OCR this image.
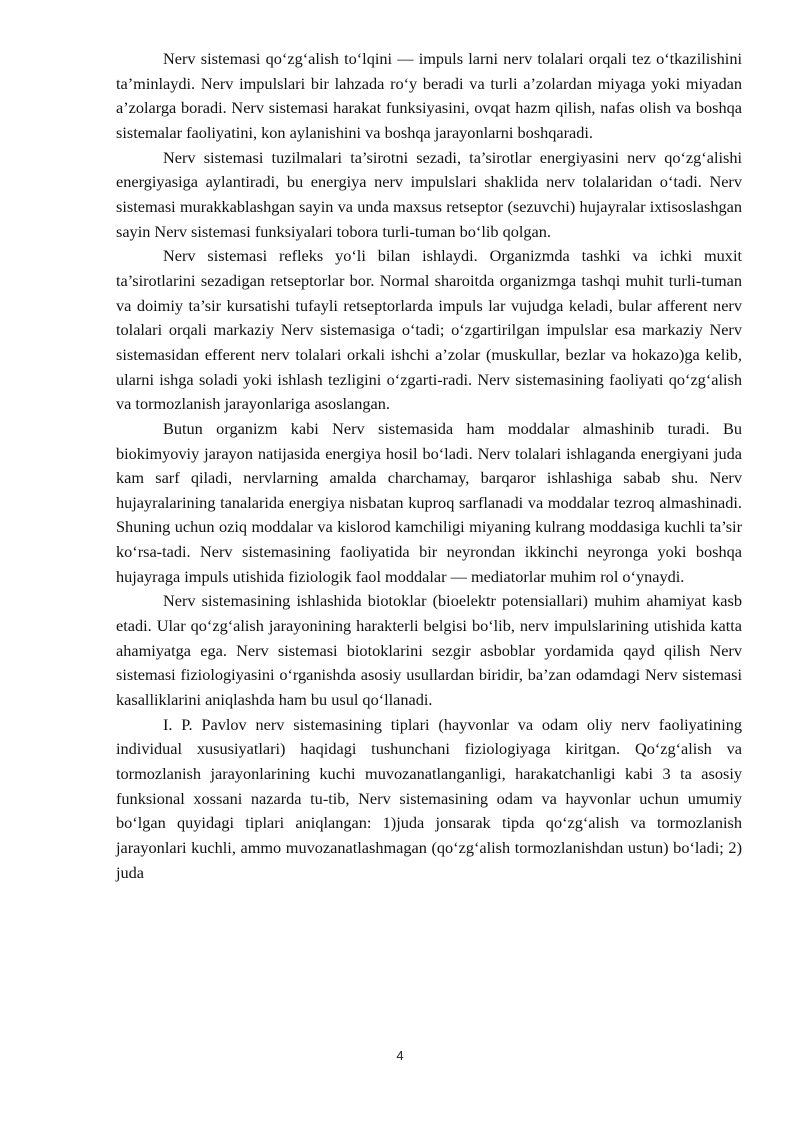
Nerv sistemasi qo‘zg‘alish to‘lqini — impuls larni nerv tolalari orqali tez o‘tkazilishini ta’minlaydi. Nerv impulslari bir lahzada ro‘y beradi va turli a’zolardan miyaga yoki miyadan a’zolarga boradi. Nerv sistemasi harakat funksiyasini, ovqat hazm qilish, nafas olish va boshqa sistemalar faoliyatini, kon aylanishini va boshqa jarayonlarni boshqaradi.

Nerv sistemasi tuzilmalari ta’sirotni sezadi, ta’sirotlar energiyasini nerv qo‘zg‘alishi energiyasiga aylantiradi, bu energiya nerv impulslari shaklida nerv tolalaridan o‘tadi. Nerv sistemasi murakkablashgan sayin va unda maxsus retseptor (sezuvchi) hujayralar ixtisoslashgan sayin Nerv sistemasi funksiyalari tobora turli-tuman bo‘lib qolgan.

Nerv sistemasi refleks yo‘li bilan ishlaydi. Organizmda tashki va ichki muxit ta’sirotlarini sezadigan retseptorlar bor. Normal sharoitda organizmga tashqi muhit turli-tuman va doimiy ta’sir kursatishi tufayli retseptorlarda impuls lar vujudga keladi, bular afferent nerv tolalari orqali markaziy Nerv sistemasiga o‘tadi; o‘zgartirilgan impulslar esa markaziy Nerv sistemasidan efferent nerv tolalari orkali ishchi a’zolar (muskullar, bezlar va hokazo)ga kelib, ularni ishga soladi yoki ishlash tezligini o‘zgarti-radi. Nerv sistemasining faoliyati qo‘zg‘alish va tormozlanish jarayonlariga asoslangan.

Butun organizm kabi Nerv sistemasida ham moddalar almashinib turadi. Bu biokimyoviy jarayon natijasida energiya hosil bo‘ladi. Nerv tolalari ishlaganda energiyani juda kam sarf qiladi, nervlarning amalda charchamay, barqaror ishlashiga sabab shu. Nerv hujayralarining tanalarida energiya nisbatan kuproq sarflanadi va moddalar tezroq almashinadi. Shuning uchun oziq moddalar va kislorod kamchiligi miyaning kulrang moddasiga kuchli ta’sir ko‘rsa-tadi. Nerv sistemasining faoliyatida bir neyrondan ikkinchi neyronga yoki boshqa hujayraga impuls utishida fiziologik faol moddalar — mediatorlar muhim rol o‘ynaydi.

Nerv sistemasining ishlashida biotoklar (bioelektr potensiallari) muhim ahamiyat kasb etadi. Ular qo‘zg‘alish jarayonining harakterli belgisi bo‘lib, nerv impulslarining utishida katta ahamiyatga ega. Nerv sistemasi biotoklarini sezgir asboblar yordamida qayd qilish Nerv sistemasi fiziologiyasini o‘rganishda asosiy usullardan biridir, ba’zan odamdagi Nerv sistemasi kasalliklarini aniqlashda ham bu usul qo‘llanadi.

I. P. Pavlov nerv sistemasining tiplari (hayvonlar va odam oliy nerv faoliyatining individual xususiyatlari) haqidagi tushunchani fiziologiyaga kiritgan. Qo‘zg‘alish va tormozlanish jarayonlarining kuchi muvozanatlanganligi, harakatchanligi kabi 3 ta asosiy funksional xossani nazarda tu-tib, Nerv sistemasining odam va hayvonlar uchun umumiy bo‘lgan quyidagi tiplari aniqlangan: 1)juda jonsarak tipda qo‘zg‘alish va tormozlanish jarayonlari kuchli, ammo muvozanatlashmagan (qo‘zg‘alish tormozlanishdan ustun) bo‘ladi; 2) juda

4
